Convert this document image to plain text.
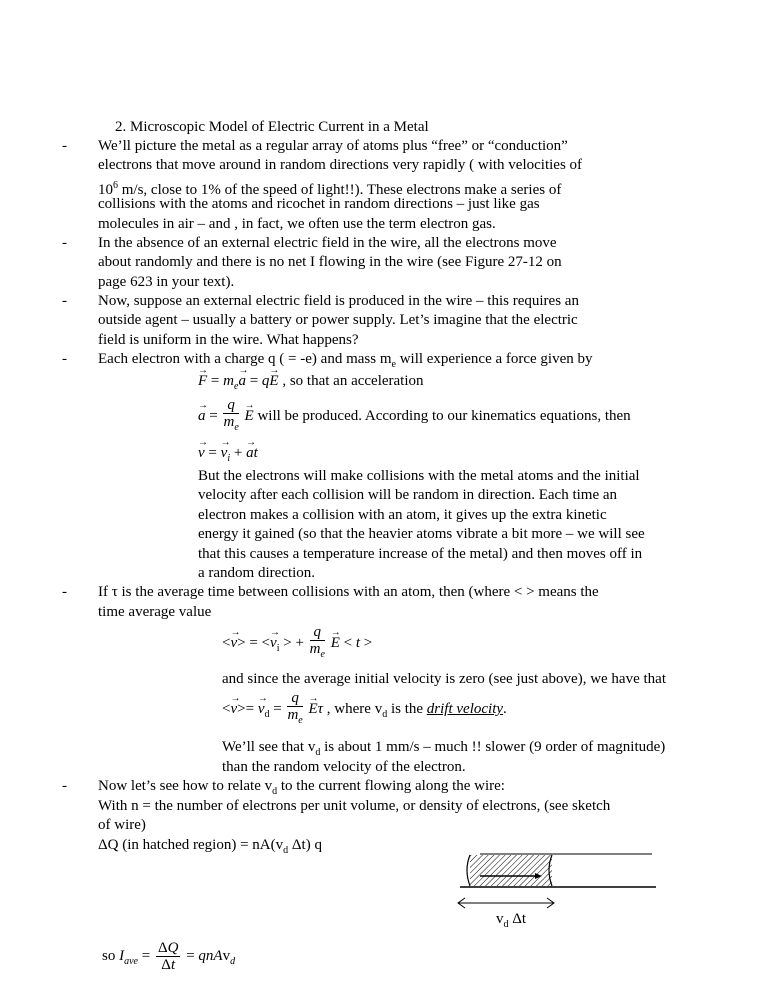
2. Microscopic Model of Electric Current in a Metal
-	We’ll picture the metal as a regular array of atoms plus “free” or “conduction”
electrons that move around in random directions very rapidly ( with velocities of
$10^6$ m/s, close to 1% of the speed of light!!). These electrons make a series of
collisions with the atoms and ricochet in random directions – just like gas
molecules in air – and , in fact, we often use the term electron gas.
-	In the absence of an external electric field in the wire, all the electrons move
about randomly and there is no net I flowing in the wire (see Figure 27-12 on
page 623 in your text).
-	Now, suppose an external electric field is produced in the wire – this requires an
outside agent – usually a battery or power supply. Let’s imagine that the electric
field is uniform in the wire. What happens?
-	Each electron with a charge q ( = -e) and mass $m_e$ will experience a force given by
→ $F = m_e\to a = q\to E$ , so that an acceleration
→ $a = \frac{q}{m_e} \to E$ will be produced. According to our kinematics equations, then
→ v = → $v_i$ + → at
But the electrons will make collisions with the metal atoms and the initial
velocity after each collision will be random in direction. Each time an
electron makes a collision with an atom, it gives up the extra kinetic
energy it gained (so that the heavier atoms vibrate a bit more – we will see
that this causes a temperature increase of the metal) and then moves off in
a random direction.
-	If τ is the average time between collisions with an atom, then (where < > means the
time average value
<→ v> = <→ $v_i$ > + $\frac{q}{m_e} \to E < t$ >
and since the average initial velocity is zero (see just above), we have that
<→ $v>= \to v_d = \frac{q}{m_e} \to E\tau$ , where $v_d$ is the drift velocity.
We’ll see that $v_d$ is about 1 mm/s – much !! slower (9 order of magnitude)
than the random velocity of the electron.
-	Now let’s see how to relate $v_d$ to the current flowing along the wire:
With n = the number of electrons per unit volume, or density of electrons, (see sketch
of wire)
ΔQ (in hatched region) = $nA(v_d$ Δt) q
$v_d$ Δt
so $I_{ave} = \frac{\Delta Q}{\Delta t}$ = qnAv$_d$
